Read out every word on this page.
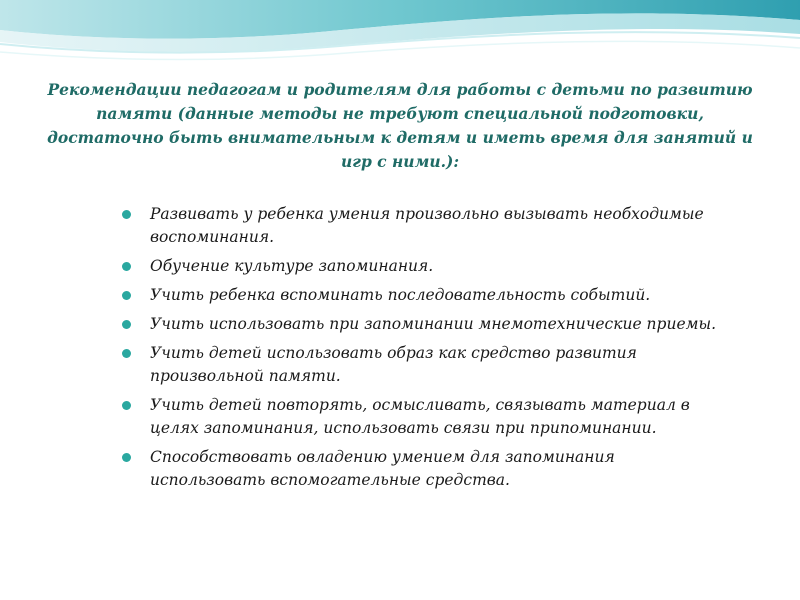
Рекомендации педагогам и родителям для работы с детьми по развитию памяти (данные методы не требуют специальной подготовки, достаточно быть внимательным к детям и иметь время для занятий и игр с ними.):
Развивать у ребенка умения произвольно вызывать необходимые воспоминания.
Обучение культуре запоминания.
Учить ребенка вспоминать последовательность событий.
Учить использовать при запоминании мнемотехнические приемы.
Учить детей использовать образ как средство развития произвольной памяти.
Учить детей повторять, осмысливать, связывать материал в целях запоминания, использовать связи при припоминании.
Способствовать овладению умением для запоминания использовать вспомогательные средства.
